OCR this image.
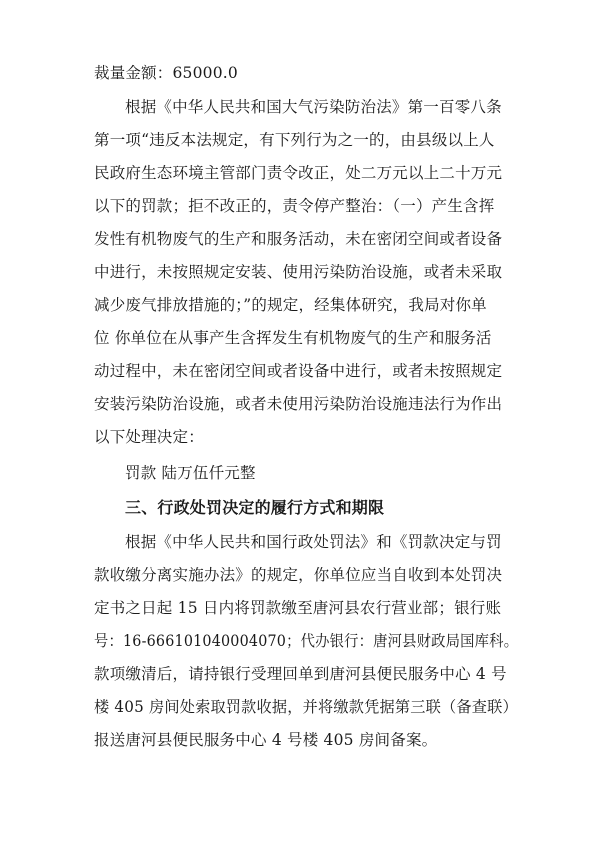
裁量金额：65000.0
根据《中华人民共和国大气污染防治法》第一百零八条
第一项“违反本法规定，有下列行为之一的，由县级以上人
民政府生态环境主管部门责令改正，处二万元以上二十万元
以下的罚款；拒不改正的，责令停产整治：（一）产生含挥
发性有机物废气的生产和服务活动，未在密闭空间或者设备
中进行，未按照规定安装、使用污染防治设施，或者未采取
减少废气排放措施的；”的规定，经集体研究，我局对你单
位 你单位在从事产生含挥发生有机物废气的生产和服务活
动过程中，未在密闭空间或者设备中进行，或者未按照规定
安装污染防治设施，或者未使用污染防治设施违法行为作出
以下处理决定：
罚款 陆万伍仟元整
三、行政处罚决定的履行方式和期限
根据《中华人民共和国行政处罚法》和《罚款决定与罚
款收缴分离实施办法》的规定，你单位应当自收到本处罚决
定书之日起 15 日内将罚款缴至唐河县农行营业部；银行账
号：16-666101040004070；代办银行：唐河县财政局国库科。
款项缴清后，请持银行受理回单到唐河县便民服务中心 4 号
楼 405 房间处索取罚款收据，并将缴款凭据第三联（备查联）
报送唐河县便民服务中心 4 号楼 405 房间备案。
